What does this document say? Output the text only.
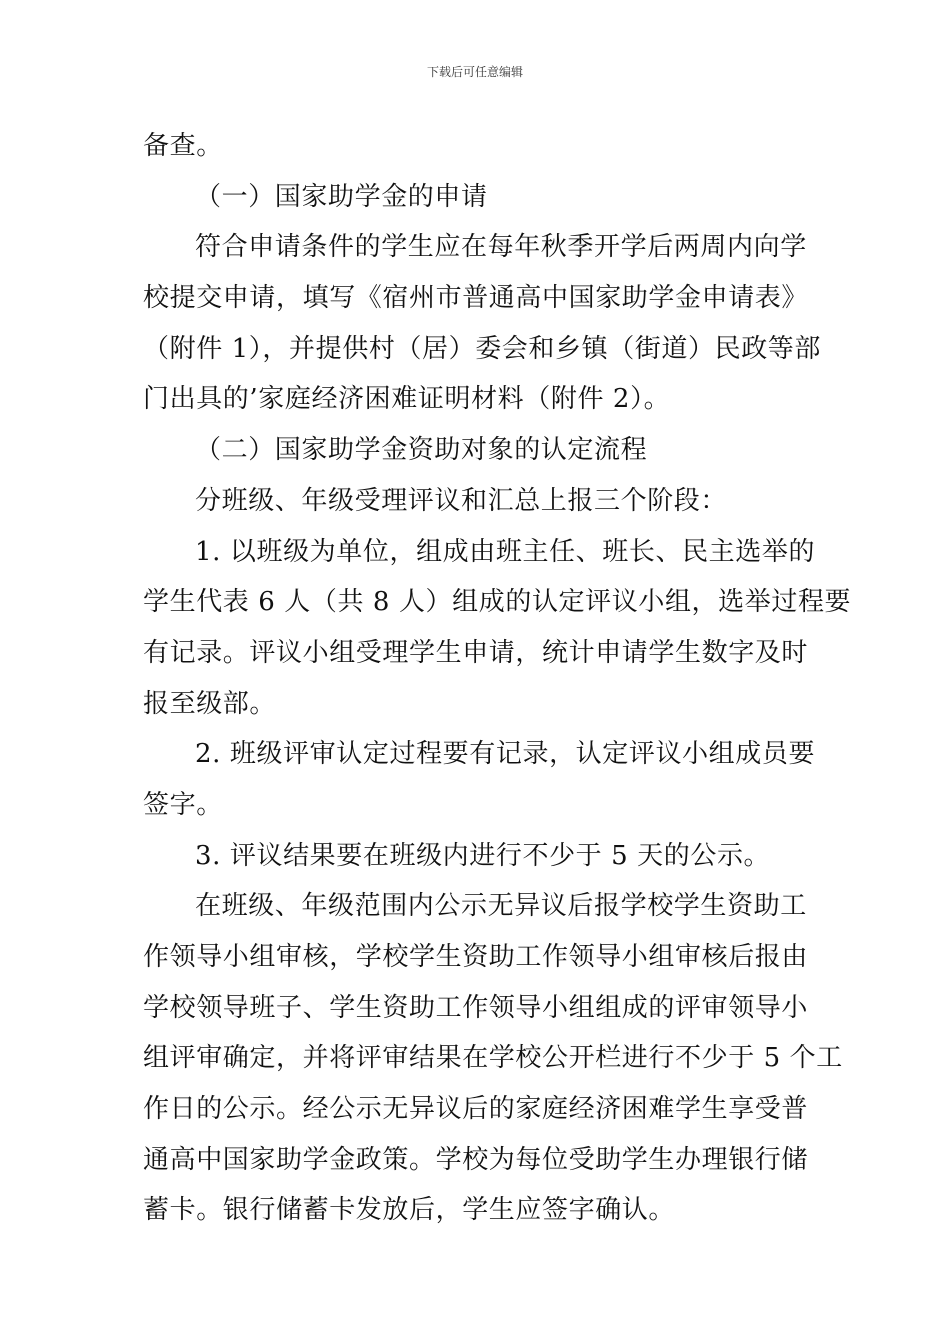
下载后可任意编辑
备查。
（一）国家助学金的申请
符合申请条件的学生应在每年秋季开学后两周内向学
校提交申请，填写《宿州市普通高中国家助学金申请表》
（附件 1），并提供村（居）委会和乡镇（街道）民政等部
门出具的’家庭经济困难证明材料（附件 2）。
（二）国家助学金资助对象的认定流程
分班级、年级受理评议和汇总上报三个阶段：
1. 以班级为单位，组成由班主任、班长、民主选举的
学生代表 6 人（共 8 人）组成的认定评议小组，选举过程要
有记录。评议小组受理学生申请，统计申请学生数字及时
报至级部。
2. 班级评审认定过程要有记录，认定评议小组成员要
签字。
3. 评议结果要在班级内进行不少于 5 天的公示。
在班级、年级范围内公示无异议后报学校学生资助工
作领导小组审核，学校学生资助工作领导小组审核后报由
学校领导班子、学生资助工作领导小组组成的评审领导小
组评审确定，并将评审结果在学校公开栏进行不少于 5 个工
作日的公示。经公示无异议后的家庭经济困难学生享受普
通高中国家助学金政策。学校为每位受助学生办理银行储
蓄卡。银行储蓄卡发放后，学生应签字确认。
